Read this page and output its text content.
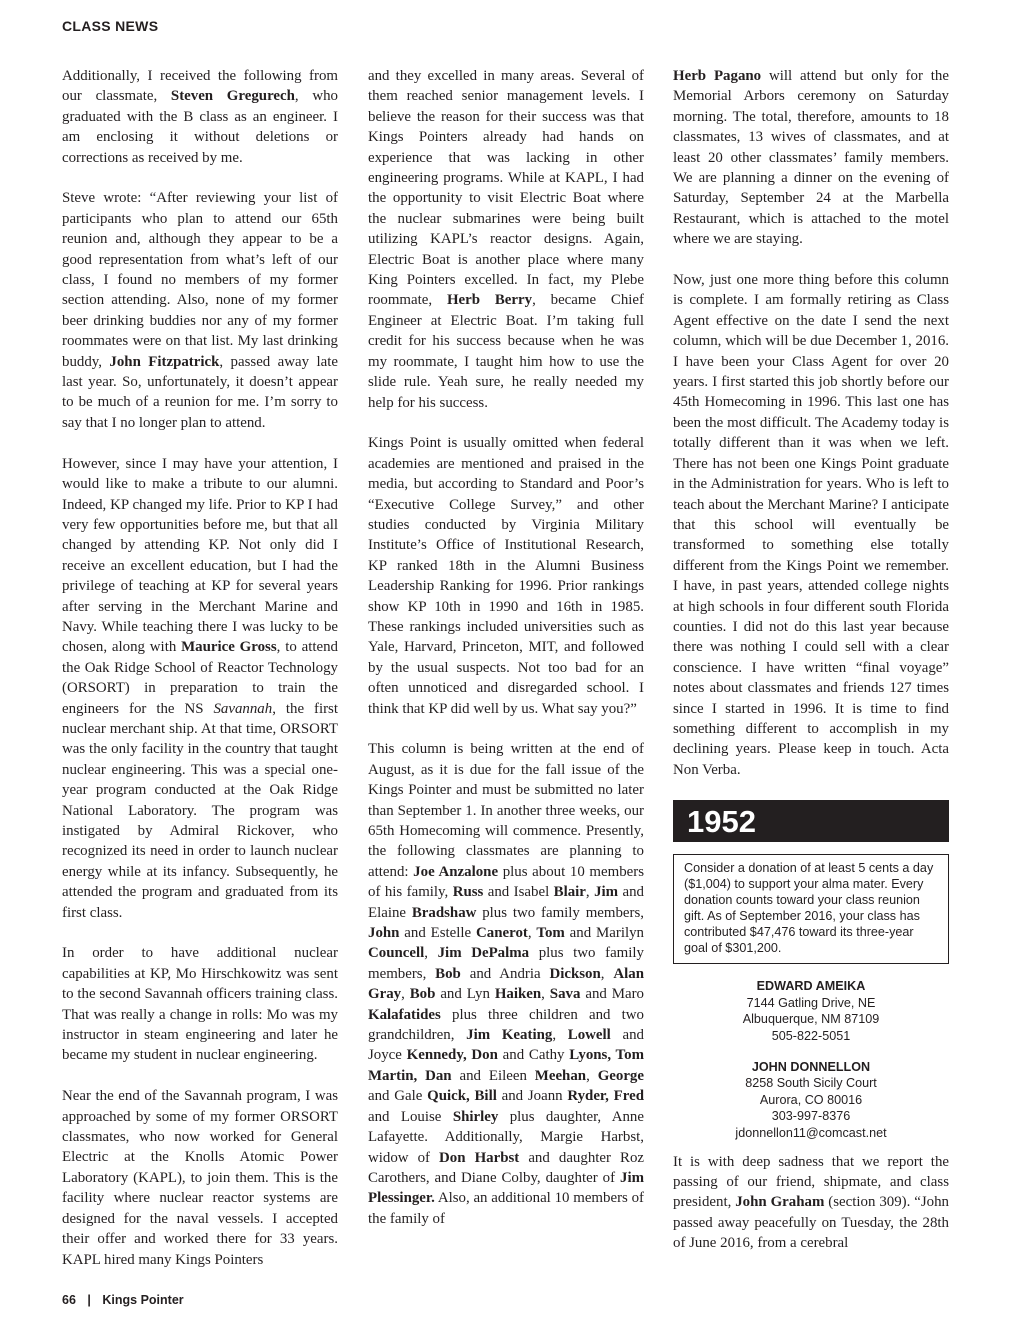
CLASS NEWS

Additionally, I received the following from our classmate, Steven Gregurech, who graduated with the B class as an engineer. I am enclosing it without deletions or corrections as received by me.

Steve wrote: “After reviewing your list of participants who plan to attend our 65th reunion and, although they appear to be a good representation from what’s left of our class, I found no members of my former section attending. Also, none of my former beer drinking buddies nor any of my former roommates were on that list. My last drinking buddy, John Fitzpatrick, passed away late last year. So, unfortunately, it doesn’t appear to be much of a reunion for me. I’m sorry to say that I no longer plan to attend.

However, since I may have your attention, I would like to make a tribute to our alumni. Indeed, KP changed my life. Prior to KP I had very few opportunities before me, but that all changed by attending KP. Not only did I receive an excellent education, but I had the privilege of teaching at KP for several years after serving in the Merchant Marine and Navy. While teaching there I was lucky to be chosen, along with Maurice Gross, to attend the Oak Ridge School of Reactor Technology (ORSORT) in preparation to train the engineers for the NS Savannah, the first nuclear merchant ship. At that time, ORSORT was the only facility in the country that taught nuclear engineering. This was a special one-year program conducted at the Oak Ridge National Laboratory. The program was instigated by Admiral Rickover, who recognized its need in order to launch nuclear energy while at its infancy. Subsequently, he attended the program and graduated from its first class.

In order to have additional nuclear capabilities at KP, Mo Hirschkowitz was sent to the second Savannah officers training class. That was really a change in rolls: Mo was my instructor in steam engineering and later he became my student in nuclear engineering.

Near the end of the Savannah program, I was approached by some of my former ORSORT classmates, who now worked for General Electric at the Knolls Atomic Power Laboratory (KAPL), to join them. This is the facility where nuclear reactor systems are designed for the naval vessels. I accepted their offer and worked there for 33 years. KAPL hired many Kings Pointers

and they excelled in many areas. Several of them reached senior management levels. I believe the reason for their success was that Kings Pointers already had hands on experience that was lacking in other engineering programs. While at KAPL, I had the opportunity to visit Electric Boat where the nuclear submarines were being built utilizing KAPL’s reactor designs. Again, Electric Boat is another place where many King Pointers excelled. In fact, my Plebe roommate, Herb Berry, became Chief Engineer at Electric Boat. I’m taking full credit for his success because when he was my roommate, I taught him how to use the slide rule. Yeah sure, he really needed my help for his success.

Kings Point is usually omitted when federal academies are mentioned and praised in the media, but according to Standard and Poor’s “Executive College Survey,” and other studies conducted by Virginia Military Institute’s Office of Institutional Research, KP ranked 18th in the Alumni Business Leadership Ranking for 1996. Prior rankings show KP 10th in 1990 and 16th in 1985. These rankings included universities such as Yale, Harvard, Princeton, MIT, and followed by the usual suspects. Not too bad for an often unnoticed and disregarded school. I think that KP did well by us. What say you?”

This column is being written at the end of August, as it is due for the fall issue of the Kings Pointer and must be submitted no later than September 1. In another three weeks, our 65th Homecoming will commence. Presently, the following classmates are planning to attend: Joe Anzalone plus about 10 members of his family, Russ and Isabel Blair, Jim and Elaine Bradshaw plus two family members, John and Estelle Canerot, Tom and Marilyn Councell, Jim DePalma plus two family members, Bob and Andria Dickson, Alan Gray, Bob and Lyn Haiken, Sava and Maro Kalafatides plus three children and two grandchildren, Jim Keating, Lowell and Joyce Kennedy, Don and Cathy Lyons, Tom Martin, Dan and Eileen Meehan, George and Gale Quick, Bill and Joann Ryder, Fred and Louise Shirley plus daughter, Anne Lafayette. Additionally, Margie Harbst, widow of Don Harbst and daughter Roz Carothers, and Diane Colby, daughter of Jim Plessinger. Also, an additional 10 members of the family of

Herb Pagano will attend but only for the Memorial Arbors ceremony on Saturday morning. The total, therefore, amounts to 18 classmates, 13 wives of classmates, and at least 20 other classmates’ family members. We are planning a dinner on the evening of Saturday, September 24 at the Marbella Restaurant, which is attached to the motel where we are staying.

Now, just one more thing before this column is complete. I am formally retiring as Class Agent effective on the date I send the next column, which will be due December 1, 2016. I have been your Class Agent for over 20 years. I first started this job shortly before our 45th Homecoming in 1996. This last one has been the most difficult. The Academy today is totally different than it was when we left. There has not been one Kings Point graduate in the Administration for years. Who is left to teach about the Merchant Marine? I anticipate that this school will eventually be transformed to something else totally different from the Kings Point we remember. I have, in past years, attended college nights at high schools in four different south Florida counties. I did not do this last year because there was nothing I could sell with a clear conscience. I have written “final voyage” notes about classmates and friends 127 times since I started in 1996. It is time to find something different to accomplish in my declining years. Please keep in touch. Acta Non Verba.

1952
Consider a donation of at least 5 cents a day ($1,004) to support your alma mater. Every donation counts toward your class reunion gift. As of September 2016, your class has contributed $47,476 toward its three-year goal of $301,200.
EDWARD AMEIKA
7144 Gatling Drive, NE
Albuquerque, NM 87109
505-822-5051
JOHN DONNELLON
8258 South Sicily Court
Aurora, CO 80016
303-997-8376
jdonnellon11@comcast.net

It is with deep sadness that we report the passing of our friend, shipmate, and class president, John Graham (section 309). “John passed away peacefully on Tuesday, the 28th of June 2016, from a cerebral

66 | Kings Pointer
